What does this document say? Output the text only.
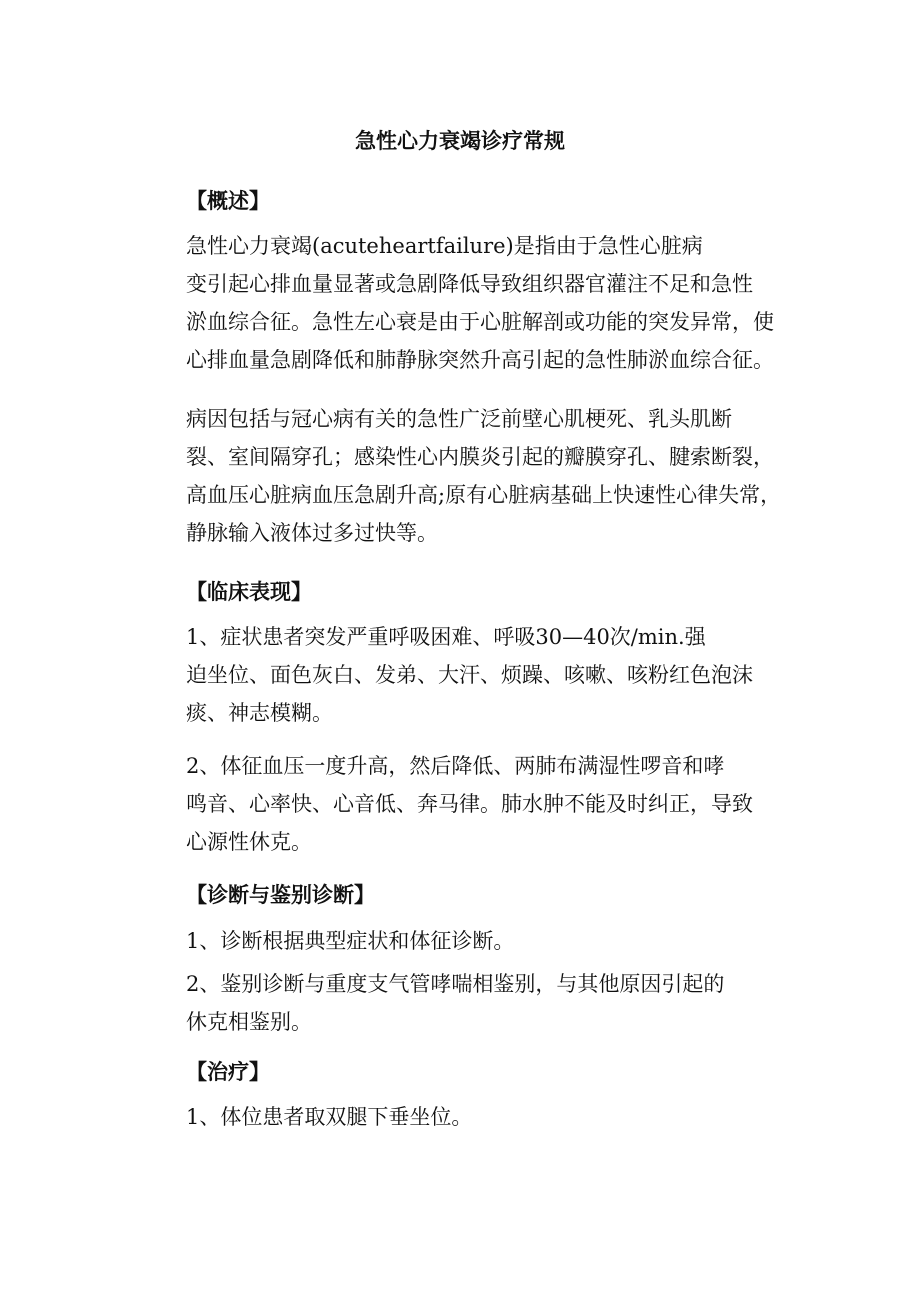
急性心力衰竭诊疗常规
【概述】

急性心力衰竭(acuteheartfailure)是指由于急性心脏病
变引起心排血量显著或急剧降低导致组织器官灌注不足和急性
淤血综合征。急性左心衰是由于心脏解剖或功能的突发异常，使
心排血量急剧降低和肺静脉突然升高引起的急性肺淤血综合征。

病因包括与冠心病有关的急性广泛前壁心肌梗死、乳头肌断
裂、室间隔穿孔；感染性心内膜炎引起的瓣膜穿孔、腱索断裂，
高血压心脏病血压急剧升高;原有心脏病基础上快速性心律失常，
静脉输入液体过多过快等。

【临床表现】

1、症状患者突发严重呼吸困难、呼吸30—40次/min.强
迫坐位、面色灰白、发弟、大汗、烦躁、咳嗽、咳粉红色泡沫
痰、神志模糊。

2、体征血压一度升高，然后降低、两肺布满湿性啰音和哮
鸣音、心率快、心音低、奔马律。肺水肿不能及时纠正，导致
心源性休克。

【诊断与鉴别诊断】

1、诊断根据典型症状和体征诊断。

2、鉴别诊断与重度支气管哮喘相鉴别，与其他原因引起的
休克相鉴别。

【治疗】

1、体位患者取双腿下垂坐位。
